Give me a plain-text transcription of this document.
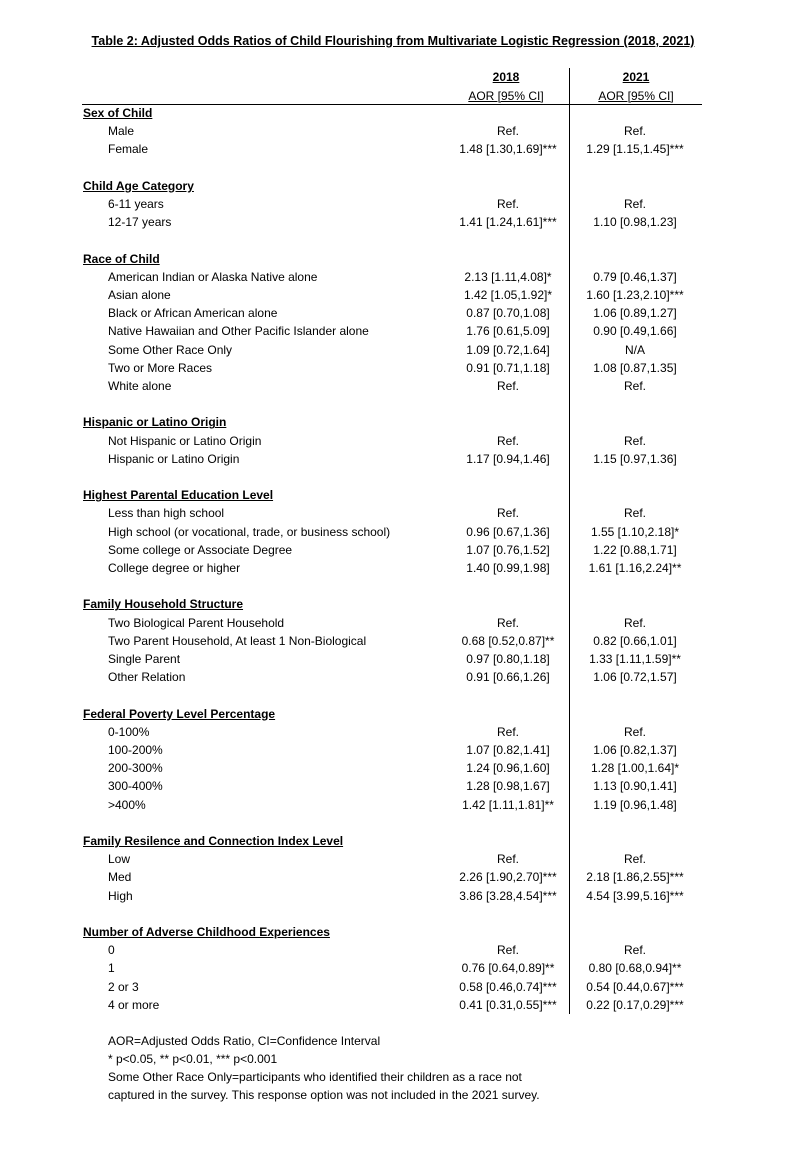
Table 2: Adjusted Odds Ratios of Child Flourishing from Multivariate Logistic Regression (2018, 2021)
2018
AOR [95% CI]
2021
AOR [95% CI]
Sex of Child
Male	Ref.	Ref.
Female	1.48 [1.30,1.69]***	1.29 [1.15,1.45]***
Child Age Category
6-11 years	Ref.	Ref.
12-17 years	1.41 [1.24,1.61]***	1.10 [0.98,1.23]
Race of Child
American Indian or Alaska Native alone	2.13 [1.11,4.08]*	0.79 [0.46,1.37]
Asian alone	1.42 [1.05,1.92]*	1.60 [1.23,2.10]***
Black or African American alone	0.87 [0.70,1.08]	1.06 [0.89,1.27]
Native Hawaiian and Other Pacific Islander alone	1.76 [0.61,5.09]	0.90 [0.49,1.66]
Some Other Race Only	1.09 [0.72,1.64]	N/A
Two or More Races	0.91 [0.71,1.18]	1.08 [0.87,1.35]
White alone	Ref.	Ref.
Hispanic or Latino Origin
Not Hispanic or Latino Origin	Ref.	Ref.
Hispanic or Latino Origin	1.17 [0.94,1.46]	1.15 [0.97,1.36]
Highest Parental Education Level
Less than high school	Ref.	Ref.
High school (or vocational, trade, or business school)	0.96 [0.67,1.36]	1.55 [1.10,2.18]*
Some college or Associate Degree	1.07 [0.76,1.52]	1.22 [0.88,1.71]
College degree or higher	1.40 [0.99,1.98]	1.61 [1.16,2.24]**
Family Household Structure
Two Biological Parent Household	Ref.	Ref.
Two Parent Household, At least 1 Non-Biological	0.68 [0.52,0.87]**	0.82 [0.66,1.01]
Single Parent	0.97 [0.80,1.18]	1.33 [1.11,1.59]**
Other Relation	0.91 [0.66,1.26]	1.06 [0.72,1.57]
Federal Poverty Level Percentage
0-100%	Ref.	Ref.
100-200%	1.07 [0.82,1.41]	1.06 [0.82,1.37]
200-300%	1.24 [0.96,1.60]	1.28 [1.00,1.64]*
300-400%	1.28 [0.98,1.67]	1.13 [0.90,1.41]
>400%	1.42 [1.11,1.81]**	1.19 [0.96,1.48]
Family Resilence and Connection Index Level
Low	Ref.	Ref.
Med	2.26 [1.90,2.70]***	2.18 [1.86,2.55]***
High	3.86 [3.28,4.54]***	4.54 [3.99,5.16]***
Number of Adverse Childhood Experiences
0	Ref.	Ref.
1	0.76 [0.64,0.89]**	0.80 [0.68,0.94]**
2 or 3	0.58 [0.46,0.74]***	0.54 [0.44,0.67]***
4 or more	0.41 [0.31,0.55]***	0.22 [0.17,0.29]***
AOR=Adjusted Odds Ratio, CI=Confidence Interval
* p<0.05, ** p<0.01, *** p<0.001
Some Other Race Only=participants who identified their children as a race not captured in the survey. This response option was not included in the 2021 survey.
